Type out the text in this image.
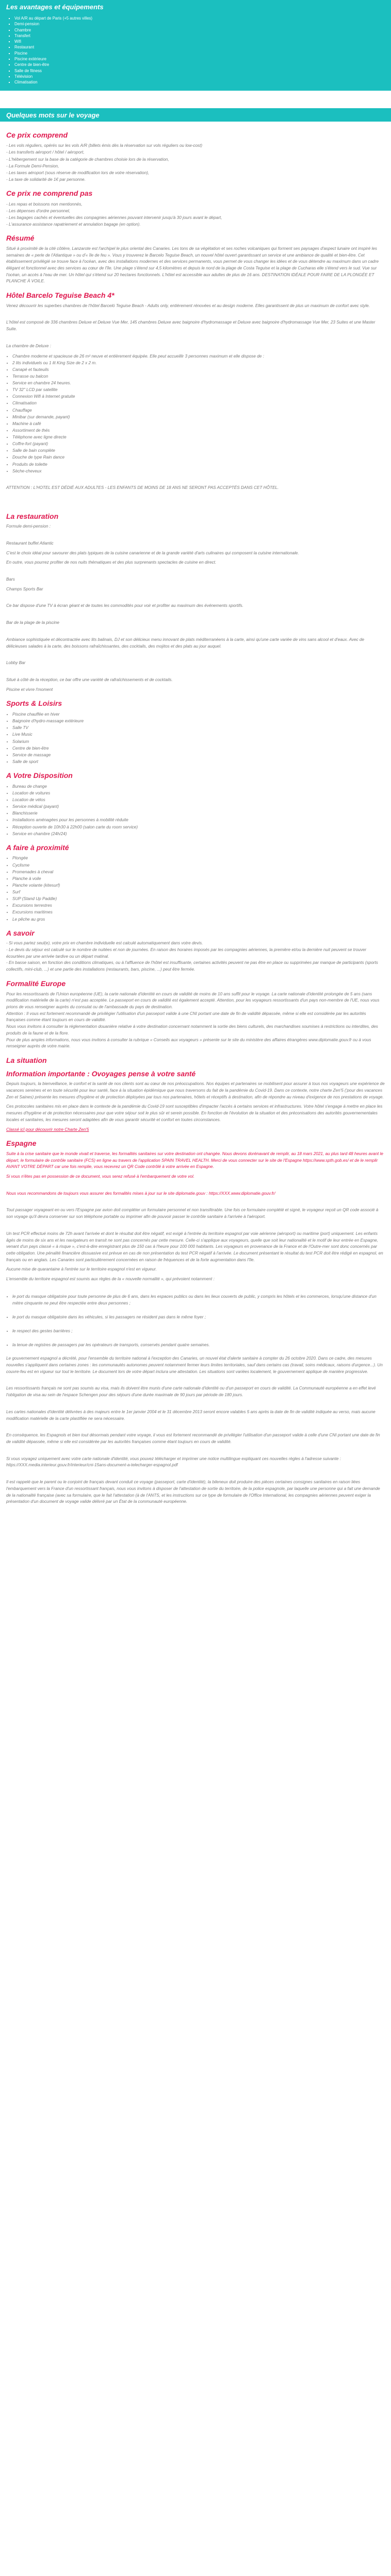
Les avantages et équipements
▪ Vol A/R au départ de Paris (+5 autres villes)
▪ Demi-pension
▪ Chambre
▪ Transfert
▪ Wifi
▪ Restaurant
▪ Piscine
▪ Piscine extérieure
▪ Centre de bien-être
▪ Salle de fitness
▪ Télévision
▪ Climatisation
Quelques mots sur le voyage
Ce prix comprend
- Les vols réguliers, opérés sur les vols A/R (billets émis dès la réservation sur vols réguliers ou low-cost)
- Les transferts aéroport / hôtel / aéroport,
- L'hébergement sur la base de la catégorie de chambres choisie lors de la réservation,
- La Formule Demi-Pension,
- Les taxes aéroport (sous réserve de modification lors de votre réservation),
- La taxe de solidarité de 1€ par personne.
Ce prix ne comprend pas
- Les repas et boissons non mentionnés,
- Les dépenses d'ordre personnel,
- Les bagages cachés et éventuelles des compagnies aériennes pouvant intervenir jusqu'à 30 jours avant le départ,
- L'assurance assistance rapatriement et annulation bagage (en option).
Résumé

Situé à proximité de la cité côtière, Lanzarote est l'archipel le plus oriental des Canaries. Les tons de sa végétation et ses roches volcaniques qui forment ses paysages d'aspect lunaire ont inspiré les semaines de « perle de l'Atlantique » ou d'« île de feu ». Vous y trouverez le Barcelo Teguise Beach, un nouvel hôtel ouvert garantissant un service et une ambiance de qualité et bien-être. Cet établissement privilégié se trouve face à l'océan, avec des installations modernes et des services permanents, vous permet de vous changer les idées et de vous détendre au maximum dans un cadre élégant et fonctionnel avec des services au cœur de l'île. Une plage s'étend sur 4,5 kilomètres et depuis le nord de la plage de Costa Teguise et la plage de Cucharas elle s'étend vers le sud. Vue sur l'océan, un accès à l'eau de mer. Un hôtel qui s'étend sur 20 hectares fonctionnels. L'hôtel est accessible aux adultes de plus de 16 ans. DESTINATION IDÉALE POUR FAIRE DE LA PLONGÉE ET PLANCHE À VOILE.

Hôtel Barcelo Teguise Beach 4*

Venez découvrir les superbes chambres de l'hôtel Barceló Teguise Beach - Adults only, entièrement rénovées et au design moderne. Elles garantissent de plus un maximum de confort avec style.

L'hôtel est composé de 336 chambres Deluxe et Deluxe Vue Mer, 145 chambres Deluxe avec baignoire d'hydromassage et Deluxe avec baignoire d'hydromassage Vue Mer, 23 Suites et une Master Suite.

La chambre de Deluxe :

• Chambre moderne et spacieuse de 26 m² neuve et entièrement équipée. Elle peut accueillir 3 personnes maximum et elle dispose de :
• 2 lits individuels ou 1 lit King Size de 2 x 2 m.
• Canapé et fauteuils
• Terrasse ou balcon
• Service en chambre 24 heures.
• TV 32" LCD par satellite
• Connexion Wifi à Internet gratuite
• Climatisation
• Chauffage
• Minibar (sur demande, payant)
• Machine à café
• Assortiment de thés
• Téléphone avec ligne directe
• Coffre-fort (payant)
• Salle de bain complète
• Douche de type Rain dance
• Produits de toilette
• Sèche-cheveux

ATTENTION : L'HOTEL EST DÉDIÉ AUX ADULTES - LES ENFANTS DE MOINS DE 18 ANS NE SERONT PAS ACCEPTÉS DANS CET HÔTEL.

La restauration

Formule demi-pension :

Restaurant buffet Atlantic

C'est le choix idéal pour savourer des plats typiques de la cuisine canarienne et de la grande variété d'arts culinaires qui composent la cuisine internationale.

En outre, vous pourrez profiter de nos nuits thématiques et des plus surprenants spectacles de cuisine en direct.

Bars

Champs Sports Bar

Ce bar dispose d'une TV à écran géant et de toutes les commodités pour voir et profiter au maximum des événements sportifs.

Bar de la plage de la piscine

Ambiance sophistiquée et décontractée avec lits balinais, DJ et son délicieux menu innovant de plats méditerranéens à la carte, ainsi qu'une carte variée de vins sans alcool et d'eaux. Avec de délicieuses salades à la carte, des boissons rafraîchissantes, des cocktails, des mojitos et des plats au jour auquel.

Lobby Bar

Situé à côté de la réception, ce bar offre une variété de rafraîchissements et de cocktails.

Piscine et vivre l'moment

Sports & Loisirs
• Piscine chauffée en hiver
• Baignoire d'hydro-massage extérieure
• Salle TV
• Live Music
• Solarium
• Centre de bien-être
• Service de massage
• Salle de sport
A Votre Disposition
• Bureau de change
• Location de voitures
• Location de vélos
• Service médical (payant)
• Blanchisserie
• Installations aménagées pour les personnes à mobilité réduite
• Réception ouverte de 10h30 à 22h00 (salon carte du room service)
• Service en chambre (24h/24)
A faire à proximité
• Plongée
• Cyclisme
• Promenades à cheval
• Planche à voile
• Planche volante (kitesurf)
• Surf
• SUP (Stand Up Paddle)
• Excursions terrestres
• Excursions maritimes
• Le pêche au gros
A savoir

- Si vous partez seul(e), votre prix en chambre individuelle est calculé automatiquement dans votre devis.
- Le devis du séjour est calculé sur le nombre de nuitées et non de journées. En raison des horaires imposés par les compagnies aériennes, la première et/ou la dernière nuit peuvent se trouver écourtées par une arrivée tardive ou un départ matinal.
- En basse saison, en fonction des conditions climatiques, ou à l'affluence de l'hôtel est insuffisante, certaines activités peuvent ne pas être en place ou supprimées par manque de participants (sports collectifs, mini-club, ...) et une partie des installations (restaurants, bars, piscine, ...) peut être fermée.

Formalité Europe

Pour les ressortissants de l'Union européenne (UE), la carte nationale d'identité en cours de validité de moins de 10 ans suffit pour le voyage. La carte nationale d'identité prolongée de 5 ans (sans modification matérielle de la carte) n'est pas acceptée. Le passeport en cours de validité est également accepté. Attention, pour les voyageurs ressortissants d'un pays non-membre de l'UE, nous vous prions de vous renseigner auprès du consulat ou de l'ambassade du pays de destination.
Attention : Il vous est fortement recommandé de privilégier l'utilisation d'un passeport valide à une CNI portant une date de fin de validité dépassée, même si elle est considérée par les autorités françaises comme étant toujours en cours de validité.
Nous vous invitons à consulter la réglementation douanière relative à votre destination concernant notamment la sortie des biens culturels, des marchandises soumises à restrictions ou interdites, des produits de la faune et de la flore.
Pour de plus amples informations, nous vous invitons à consulter la rubrique « Conseils aux voyageurs » présente sur le site du ministère des affaires étrangères www.diplomatie.gouv.fr ou à vous renseigner auprès de votre mairie.

La situation
Information importante : Ovoyages pense à votre santé

Depuis toujours, la bienveillance, le confort et la santé de nos clients sont au cœur de nos préoccupations. Nos équipes et partenaires se mobilisent pour assurer à tous nos voyageurs une expérience de vacances sereines et en toute sécurité pour leur santé, face à la situation épidémique que nous traversons du fait de la pandémie du Covid-19. Dans ce contexte, notre charte Zen'5 ('pour des vacances Zen et Saines) présente les mesures d'hygiène et de protection déployées par tous nos partenaires, hôtels et réceptifs à destination, afin de répondre au niveau d'exigence de nos prestations de voyage.

Ces protocoles sanitaires mis en place dans le contexte de la pandémie du Covid-19 sont susceptibles d'impacter l'accès à certains services et infrastructures. Votre hôtel s'engage à mettre en place les mesures d'hygiène et de protection nécessaires pour que votre séjour soit le plus sûr et serein possible. En fonction de l'évolution de la situation et des préconisations des autorités gouvernementales locales et sanitaires, les mesures seront adaptées afin de vous garantir sécurité et confort en toutes circonstances.

Classé icî pour découvrir notre Charte Zen'5

Espagne

Suite à la crise sanitaire que le monde vivait et traverse, les formalités sanitaires sur votre destination ont changée. Nous devons dorénavant de remplir, au 18 mars 2021, au plus tard 48 heures avant le départ, le formulaire de contrôle sanitaire (FCS) en ligne au travers de l'application SPAIN TRAVEL HEALTH. Merci de vous connecter sur le site de l'Espagne https://www.spth.gob.es/ et de le remplir AVANT VOTRE DÉPART car une fois remplie, vous recevrez un QR Code contrôlé à votre arrivée en Espagne.

Si vous n'êtes pas en possession de ce document, vous serez refusé à l'embarquement de votre vol.

Nous vous recommandons de toujours vous assurer des formalités mises à jour sur le site diplomatie.gouv : https://XXX.www.diplomatie.gouv.fr/

Tout passager voyageant en ou vers l'Espagne par avion doit compléter un formulaire personnel et non transférable. Une fois ce formulaire complété et signé, le voyageur reçoit un QR code associé à son voyage qu'il devra conserver sur son téléphone portable ou imprimer afin de pouvoir passer le contrôle sanitaire à l'arrivée à l'aéroport.

Un test PCR effectué moins de 72h avant l'arrivée et dont le résultat doit être négatif, est exigé à l'entrée du territoire espagnol par voie aérienne (aéroport) ou maritime (port) uniquement. Les enfants âgés de moins de six ans et les navigateurs en transit ne sont pas concernés par cette mesure. Celle-ci s'applique aux voyageurs, quelle que soit leur nationalité et le motif de leur entrée en Espagne, venant d'un pays classé « à risque », c'est-à-dire enregistrant plus de 150 cas à l'heure pour 100 000 habitants. Les voyageurs en provenance de la France et de l'Outre-mer sont donc concernés par cette obligation. Une pénalité financière dissuasive est prévue en cas de non présentation du test PCR négatif à l'arrivée. Le document présentant le résultat du test PCR doit être rédigé en espagnol, en français ou en anglais. Les Canaries sont particulièrement concernées en raison de fréquences et de la forte augmentation dans l'île.

Aucune mise de quarantaine à l'entrée sur le territoire espagnol n'est en vigueur.

L'ensemble du territoire espagnol est soumis aux règles de la « nouvelle normalité », qui prévoient notamment :

• le port du masque obligatoire pour toute personne de plus de 6 ans, dans les espaces publics ou dans les lieux couverts de public, y compris les hôtels et les commerces, lorsqu'une distance d'un mètre cinquante ne peut être respectée entre deux personnes ;
• le port du masque obligatoire dans les véhicules, si les passagers ne résident pas dans le même foyer ;
• le respect des gestes barrières ;
• la tenue de registres de passagers par les opérateurs de transports, conservés pendant quatre semaines.

Le gouvernement espagnol a décrété, pour l'ensemble du territoire national à l'exception des Canaries, un nouvel état d'alerte sanitaire à compter du 26 octobre 2020. Dans ce cadre, des mesures nouvelles s'appliquent dans certaines zones : les communautés autonomes peuvent notamment fermer leurs limites territoriales, sauf dans certains cas (travail, soins médicaux, raisons d'urgence...). Un couvre-feu est en vigueur sur tout le territoire. Le document lors de votre départ inclura une attestation. Les situations sont variées localement, le gouvernement applique de manière progressive.

Les ressortissants français ne sont pas soumis au visa, mais ils doivent être munis d'une carte nationale d'identité ou d'un passeport en cours de validité. La Communauté européenne a en effet levé l'obligation de visa au sein de l'espace Schengen pour des séjours d'une durée maximale de 90 jours par période de 180 jours.

Les cartes nationales d'identité délivrées à des majeurs entre le 1er janvier 2004 et le 31 décembre 2013 seront encore valables 5 ans après la date de fin de validité indiquée au verso, mais aucune modification matérielle de la carte plastifiée ne sera nécessaire.

En conséquence, les Espagnols et bien tout désormais pendant votre voyage, il vous est fortement recommandé de privilégier l'utilisation d'un passeport valide à celle d'une CNI portant une date de fin de validité dépassée, même si elle est considérée par les autorités françaises comme étant toujours en cours de validité.

Si vous voyagez uniquement avec votre carte nationale d'identité, vous pouvez télécharger et imprimer une notice multilingue expliquant ces nouvelles règles à l'adresse suivante : https://XXX.media.interieur.gouv.fr/interieur/cni-15ans-document-a-telecharger-espagnol.pdf

Il est rappelé que le parent ou le conjoint de français devant conduit ce voyage (passeport, carte d'identité), la bileneux doit produire des pièces certaines consignes sanitaires en raison liées l'embarquement vers la France d'un ressortissant français, nous vous invitons à disposer de l'attestation de sortie du territoire, de la police espagnole, par laquelle une personne qui a fait une demande de la nationalité française (avec sa formulaire, que le fait l'attestation (à de l'ANTS, et les instructions sur ce type de formulaire de l'Office International, les compagnies aériennes peuvent exiger la présentation d'un document de voyage valide délivré par un État de la communauté européenne.
